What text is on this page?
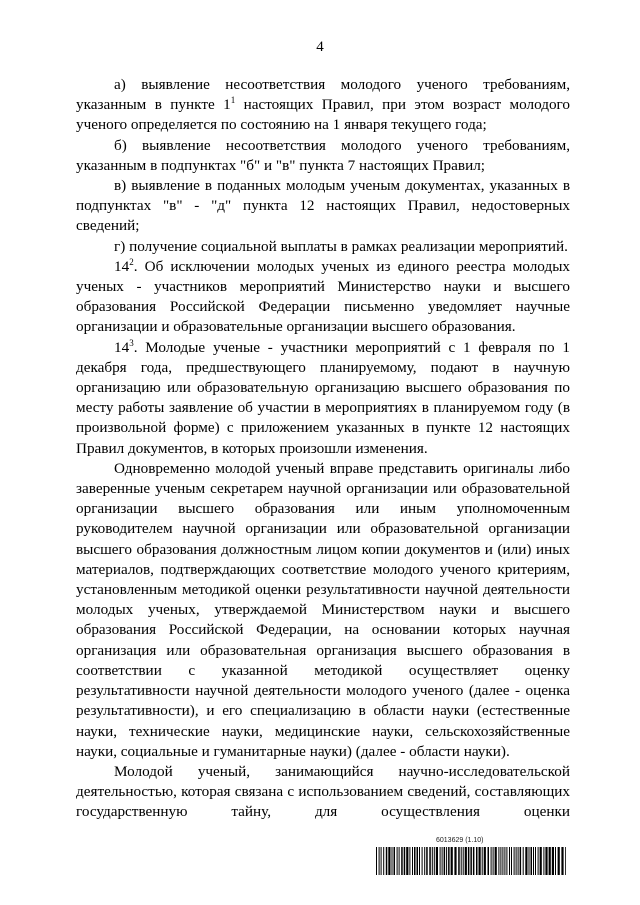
4

а) выявление несоответствия молодого ученого требованиям, указанным в пункте $1^1$ настоящих Правил, при этом возраст молодого ученого определяется по состоянию на 1 января текущего года;

б) выявление несоответствия молодого ученого требованиям, указанным в подпунктах "б" и "в" пункта 7 настоящих Правил;

в) выявление в поданных молодым ученым документах, указанных в подпунктах "в" - "д" пункта 12 настоящих Правил, недостоверных сведений;

г) получение социальной выплаты в рамках реализации мероприятий.

$14^2$. Об исключении молодых ученых из единого реестра молодых ученых - участников мероприятий Министерство науки и высшего образования Российской Федерации письменно уведомляет научные организации и образовательные организации высшего образования.

$14^3$. Молодые ученые - участники мероприятий с 1 февраля по 1 декабря года, предшествующего планируемому, подают в научную организацию или образовательную организацию высшего образования по месту работы заявление об участии в мероприятиях в планируемом году (в произвольной форме) с приложением указанных в пункте 12 настоящих Правил документов, в которых произошли изменения.

Одновременно молодой ученый вправе представить оригиналы либо заверенные ученым секретарем научной организации или образовательной организации высшего образования или иным уполномоченным руководителем научной организации или образовательной организации высшего образования должностным лицом копии документов и (или) иных материалов, подтверждающих соответствие молодого ученого критериям, установленным методикой оценки результативности научной деятельности молодых ученых, утверждаемой Министерством науки и высшего образования Российской Федерации, на основании которых научная организация или образовательная организация высшего образования в соответствии с указанной методикой осуществляет оценку результативности научной деятельности молодого ученого (далее - оценка результативности), и его специализацию в области науки (естественные науки, технические науки, медицинские науки, сельскохозяйственные науки, социальные и гуманитарные науки) (далее - области науки).

Молодой ученый, занимающийся научно-исследовательской деятельностью, которая связана с использованием сведений, составляющих государственную тайну, для осуществления оценки

6013629 (1.10)
